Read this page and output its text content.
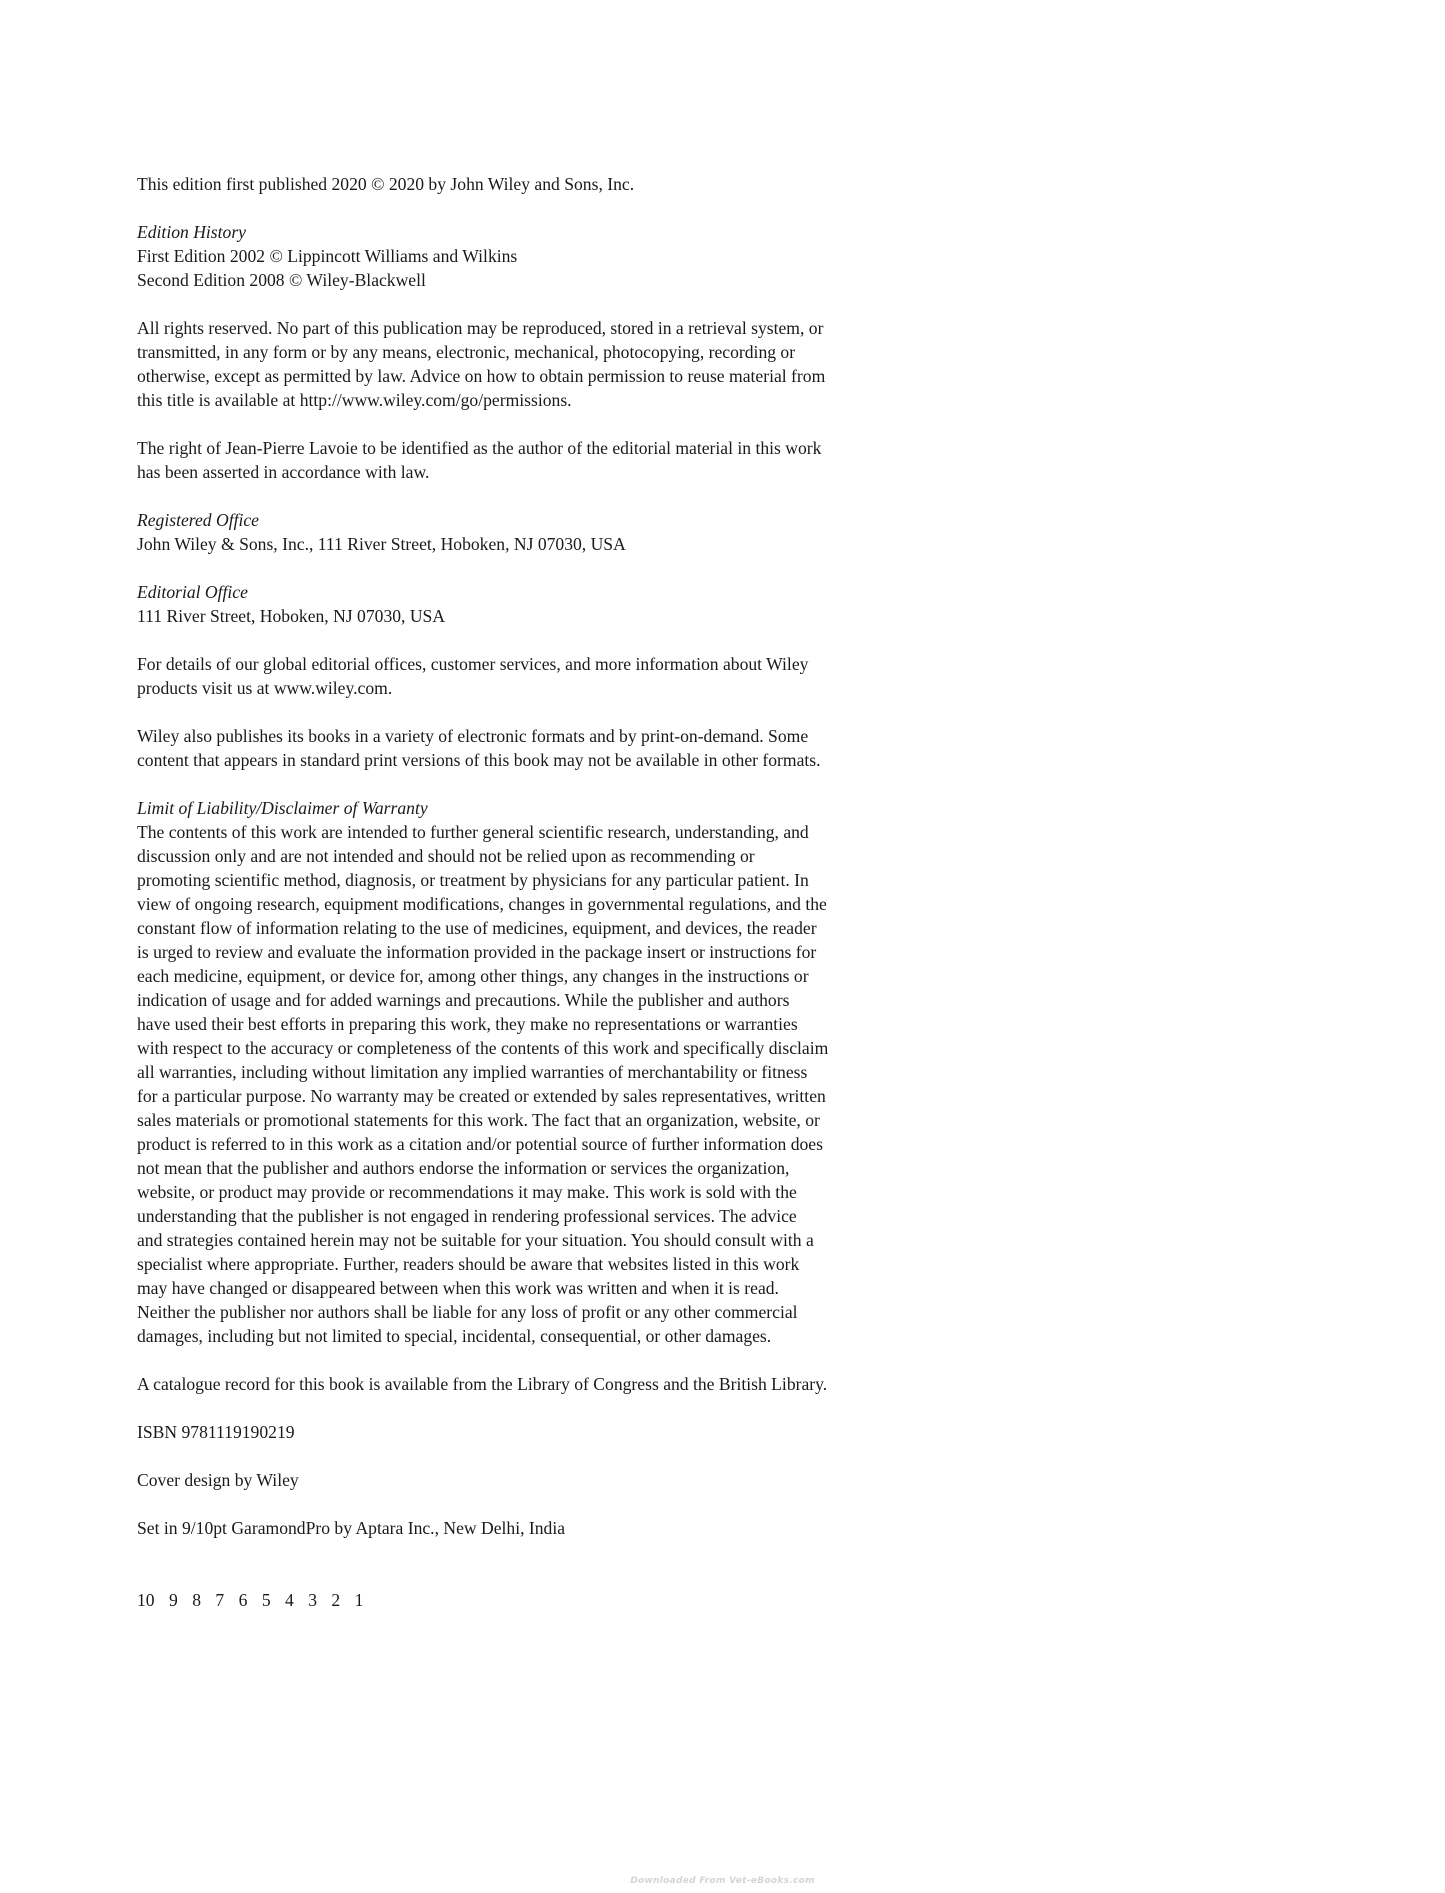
This edition first published 2020 © 2020 by John Wiley and Sons, Inc.
Edition History
First Edition 2002 © Lippincott Williams and Wilkins
Second Edition 2008 © Wiley-Blackwell
All rights reserved. No part of this publication may be reproduced, stored in a retrieval system, or
transmitted, in any form or by any means, electronic, mechanical, photocopying, recording or
otherwise, except as permitted by law. Advice on how to obtain permission to reuse material from
this title is available at http://www.wiley.com/go/permissions.
The right of Jean-Pierre Lavoie to be identified as the author of the editorial material in this work
has been asserted in accordance with law.
Registered Office
John Wiley & Sons, Inc., 111 River Street, Hoboken, NJ 07030, USA
Editorial Office
111 River Street, Hoboken, NJ 07030, USA
For details of our global editorial offices, customer services, and more information about Wiley
products visit us at www.wiley.com.
Wiley also publishes its books in a variety of electronic formats and by print-on-demand. Some
content that appears in standard print versions of this book may not be available in other formats.
Limit of Liability/Disclaimer of Warranty
The contents of this work are intended to further general scientific research, understanding, and
discussion only and are not intended and should not be relied upon as recommending or
promoting scientific method, diagnosis, or treatment by physicians for any particular patient. In
view of ongoing research, equipment modifications, changes in governmental regulations, and the
constant flow of information relating to the use of medicines, equipment, and devices, the reader
is urged to review and evaluate the information provided in the package insert or instructions for
each medicine, equipment, or device for, among other things, any changes in the instructions or
indication of usage and for added warnings and precautions. While the publisher and authors
have used their best efforts in preparing this work, they make no representations or warranties
with respect to the accuracy or completeness of the contents of this work and specifically disclaim
all warranties, including without limitation any implied warranties of merchantability or fitness
for a particular purpose. No warranty may be created or extended by sales representatives, written
sales materials or promotional statements for this work. The fact that an organization, website, or
product is referred to in this work as a citation and/or potential source of further information does
not mean that the publisher and authors endorse the information or services the organization,
website, or product may provide or recommendations it may make. This work is sold with the
understanding that the publisher is not engaged in rendering professional services. The advice
and strategies contained herein may not be suitable for your situation. You should consult with a
specialist where appropriate. Further, readers should be aware that websites listed in this work
may have changed or disappeared between when this work was written and when it is read.
Neither the publisher nor authors shall be liable for any loss of profit or any other commercial
damages, including but not limited to special, incidental, consequential, or other damages.
A catalogue record for this book is available from the Library of Congress and the British Library.
ISBN 9781119190219
Cover design by Wiley
Set in 9/10pt GaramondPro by Aptara Inc., New Delhi, India
10 9 8 7 6 5 4 3 2 1
Downloaded From Vet-eBooks.com
